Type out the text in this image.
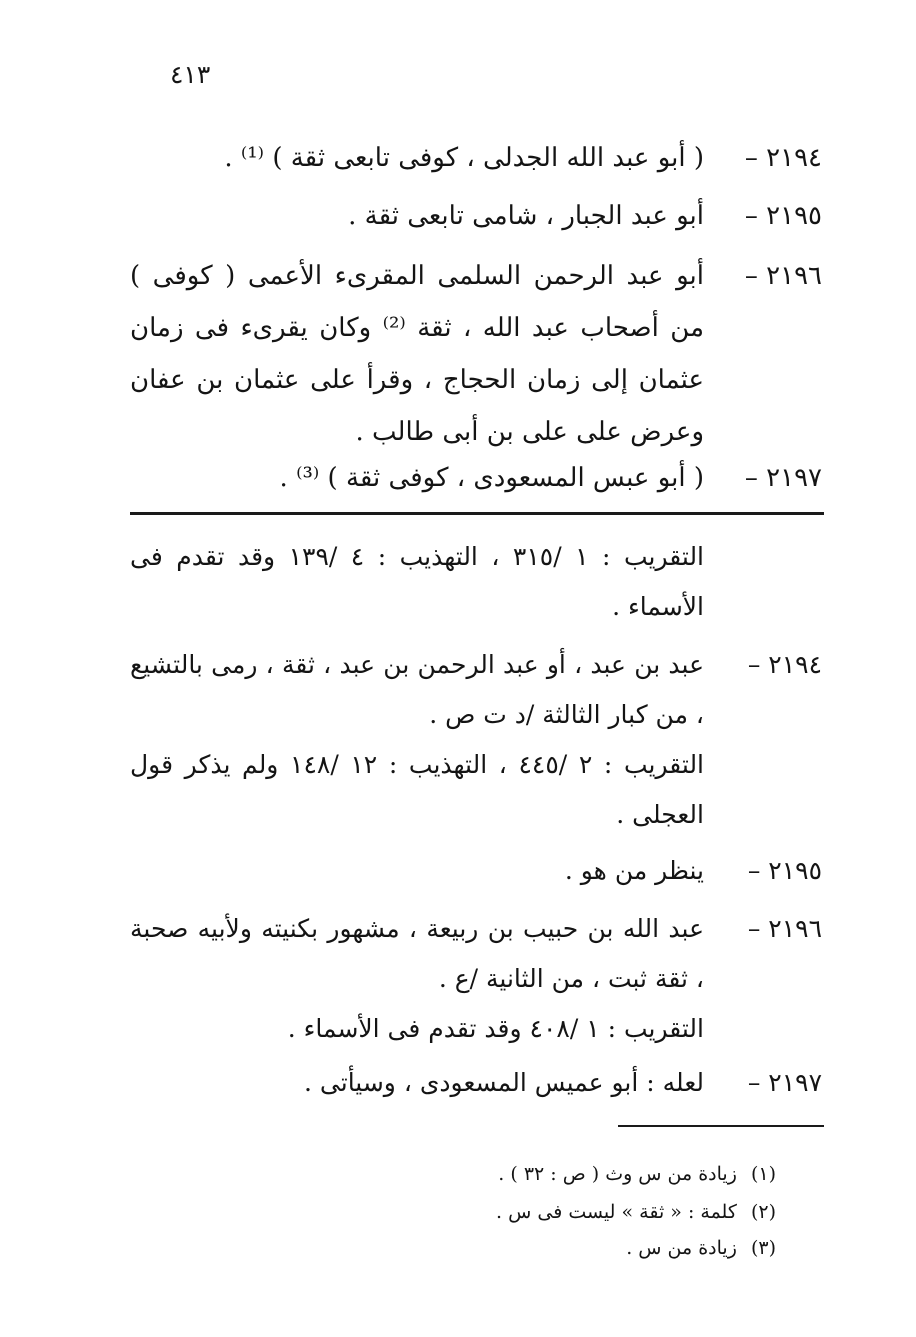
٤١٣
٢١٩٤ –
( أبو عبد الله الجدلى ، كوفى تابعى ثقة ) ⁽¹⁾ .
٢١٩٥ –
أبو عبد الجبار ، شامى تابعى ثقة .
٢١٩٦ –
أبو عبد الرحمن السلمى المقرىء الأعمى ( كوفى ) من أصحاب عبد الله ، ثقة ⁽²⁾ وكان يقرىء فى زمان عثمان إلى زمان الحجاج ، وقرأ على عثمان بن عفان وعرض على على بن أبى طالب .
٢١٩٧ –
( أبو عبس المسعودى ، كوفى ثقة ) ⁽³⁾ .
التقريب : ١ /٣١٥ ، التهذيب : ٤ /١٣٩ وقد تقدم فى الأسماء .
٢١٩٤ –
عبد بن عبد ، أو عبد الرحمن بن عبد ، ثقة ، رمى بالتشيع ، من كبار الثالثة /د ت ص .
التقريب : ٢ /٤٤٥ ، التهذيب : ١٢ /١٤٨ ولم يذكر قول العجلى .
٢١٩٥ –
ينظر من هو .
٢١٩٦ –
عبد الله بن حبيب بن ربيعة ، مشهور بكنيته ولأبيه صحبة ، ثقة ثبت ، من الثانية /ع .
التقريب : ١ /٤٠٨ وقد تقدم فى الأسماء .
٢١٩٧ –
لعله : أبو عميس المسعودى ، وسيأتى .
(١) زيادة من س وث ( ص : ٣٢ ) .
(٢) كلمة : « ثقة » ليست فى س .
(٣) زيادة من س .
